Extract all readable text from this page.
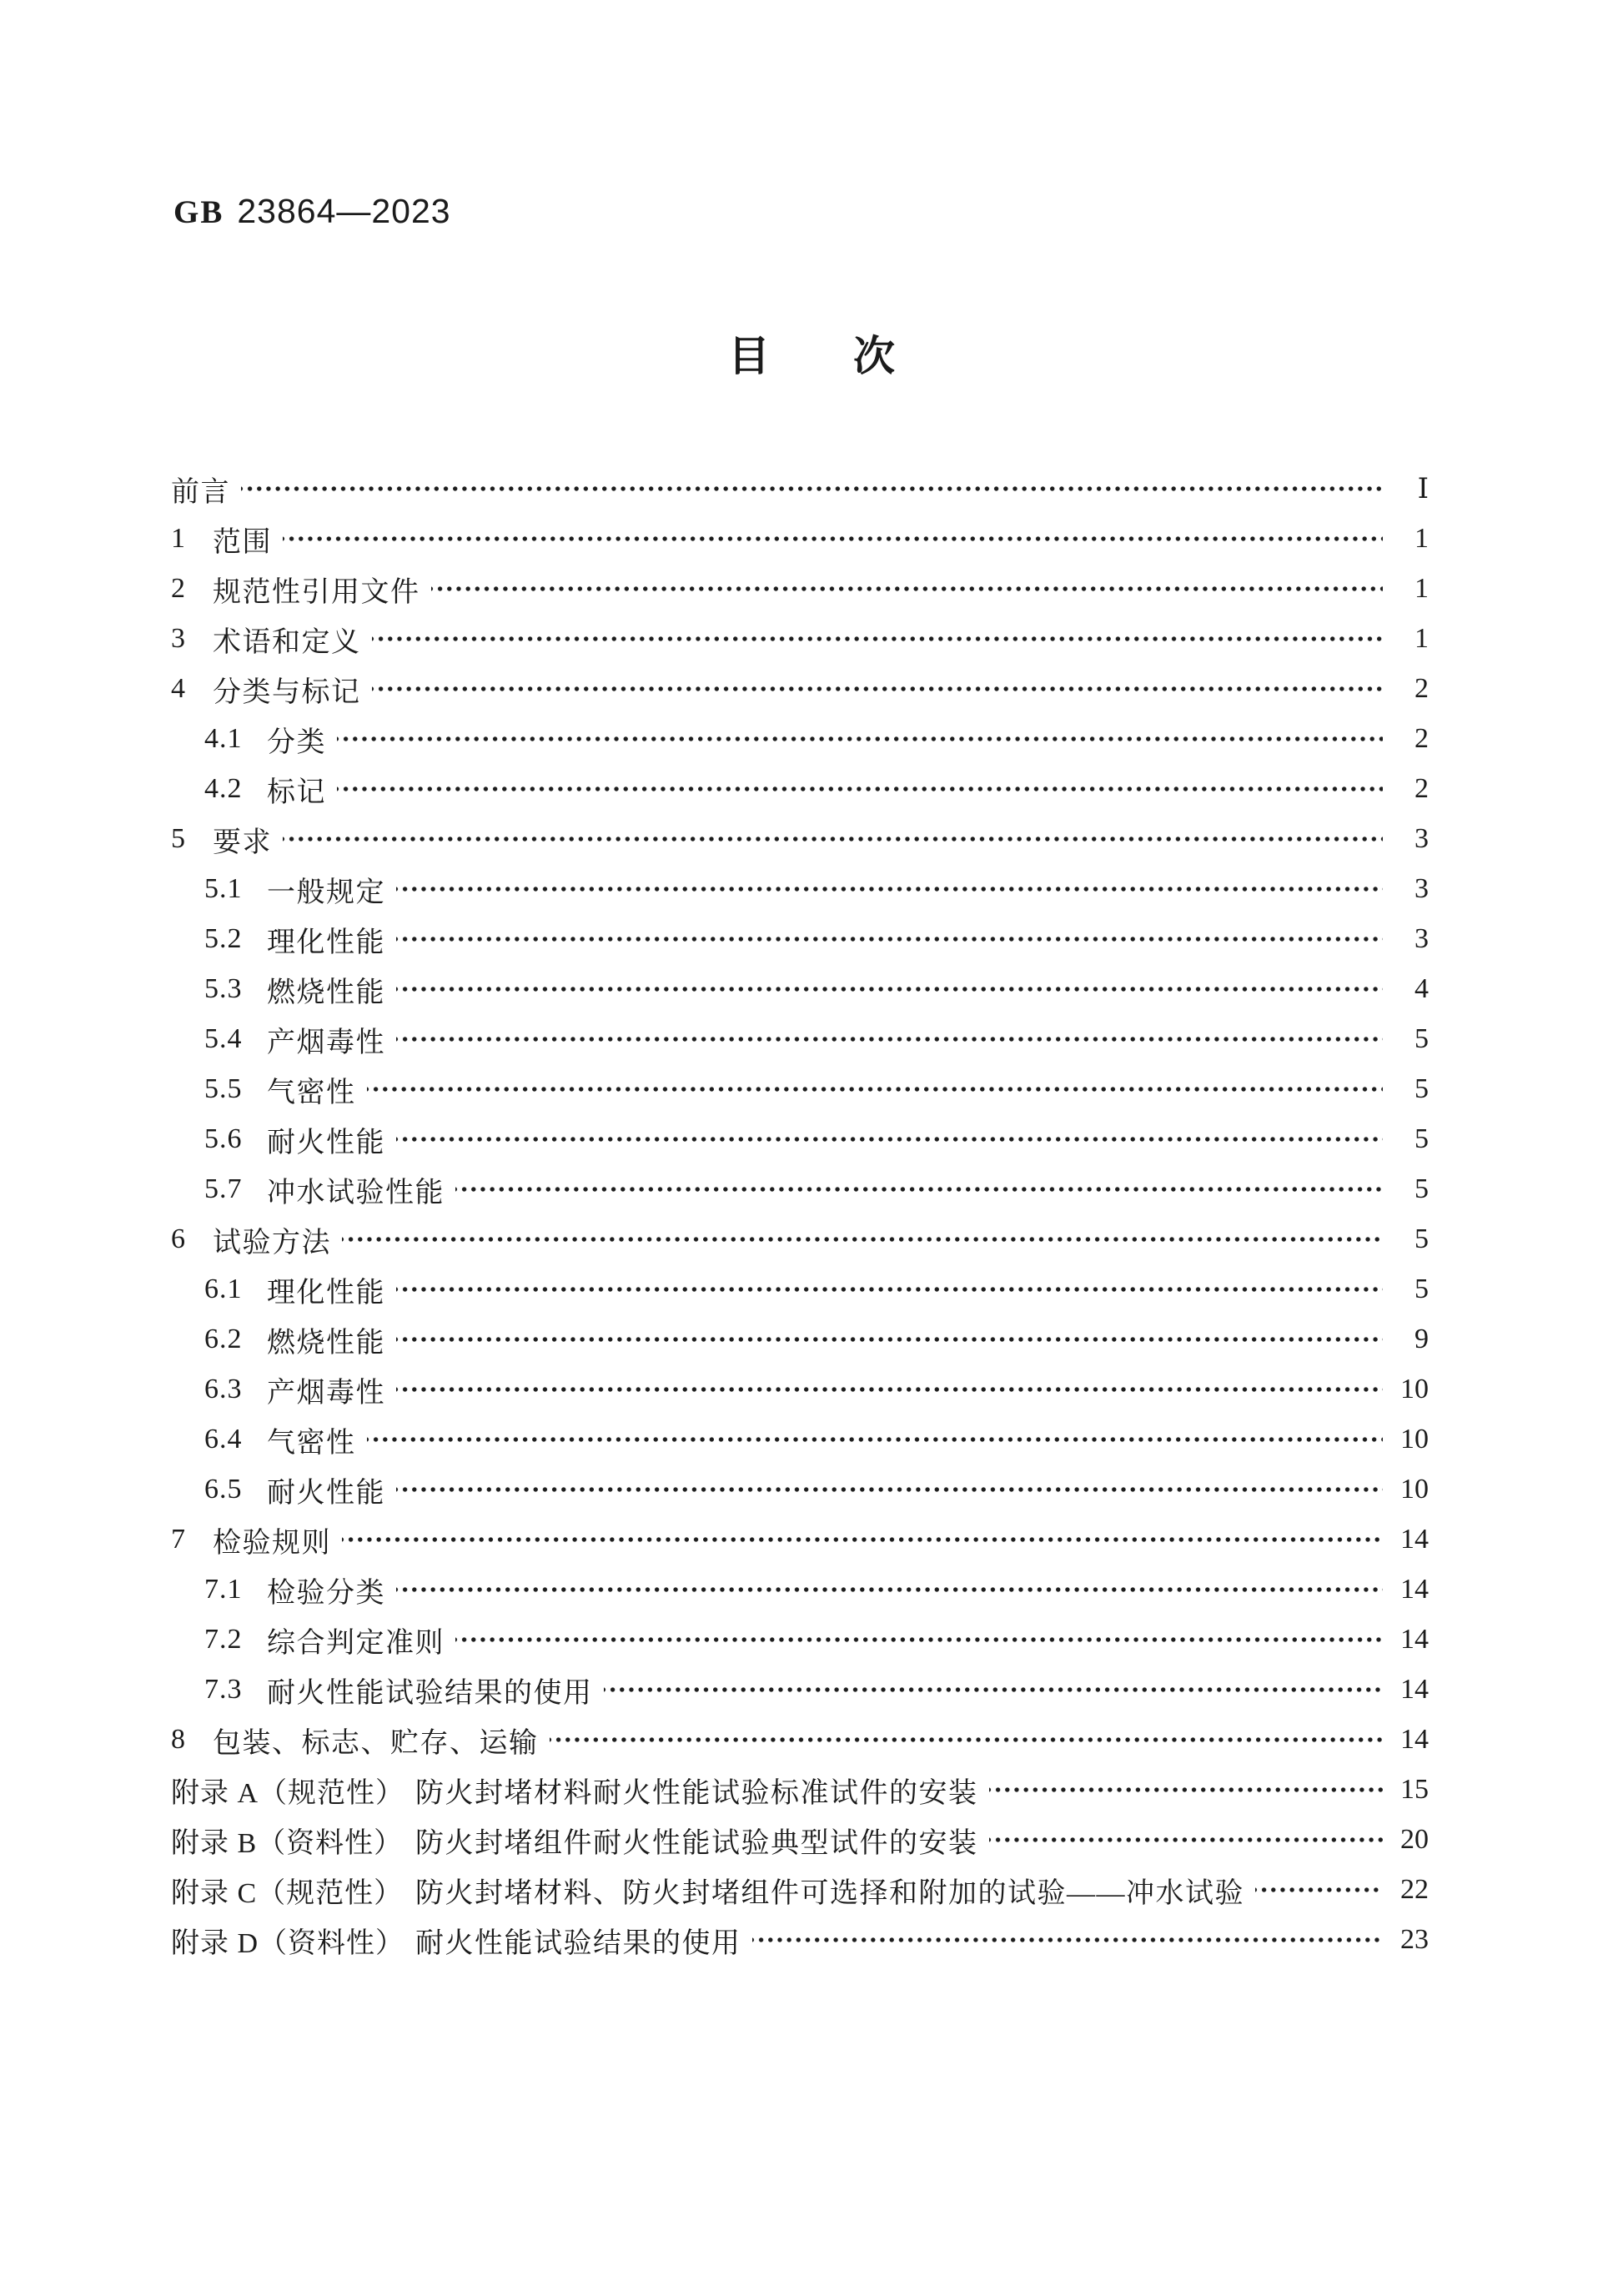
GB 23864—2023
目　　次
前言	Ⅰ
1 范围	1
2 规范性引用文件	1
3 术语和定义	1
4 分类与标记	2
4.1 分类	2
4.2 标记	2
5 要求	3
5.1 一般规定	3
5.2 理化性能	3
5.3 燃烧性能	4
5.4 产烟毒性	5
5.5 气密性	5
5.6 耐火性能	5
5.7 冲水试验性能	5
6 试验方法	5
6.1 理化性能	5
6.2 燃烧性能	9
6.3 产烟毒性	10
6.4 气密性	10
6.5 耐火性能	10
7 检验规则	14
7.1 检验分类	14
7.2 综合判定准则	14
7.3 耐火性能试验结果的使用	14
8 包装、标志、贮存、运输	14
附录 A（规范性） 防火封堵材料耐火性能试验标准试件的安装	15
附录 B（资料性） 防火封堵组件耐火性能试验典型试件的安装	20
附录 C（规范性） 防火封堵材料、防火封堵组件可选择和附加的试验——冲水试验	22
附录 D（资料性） 耐火性能试验结果的使用	23
